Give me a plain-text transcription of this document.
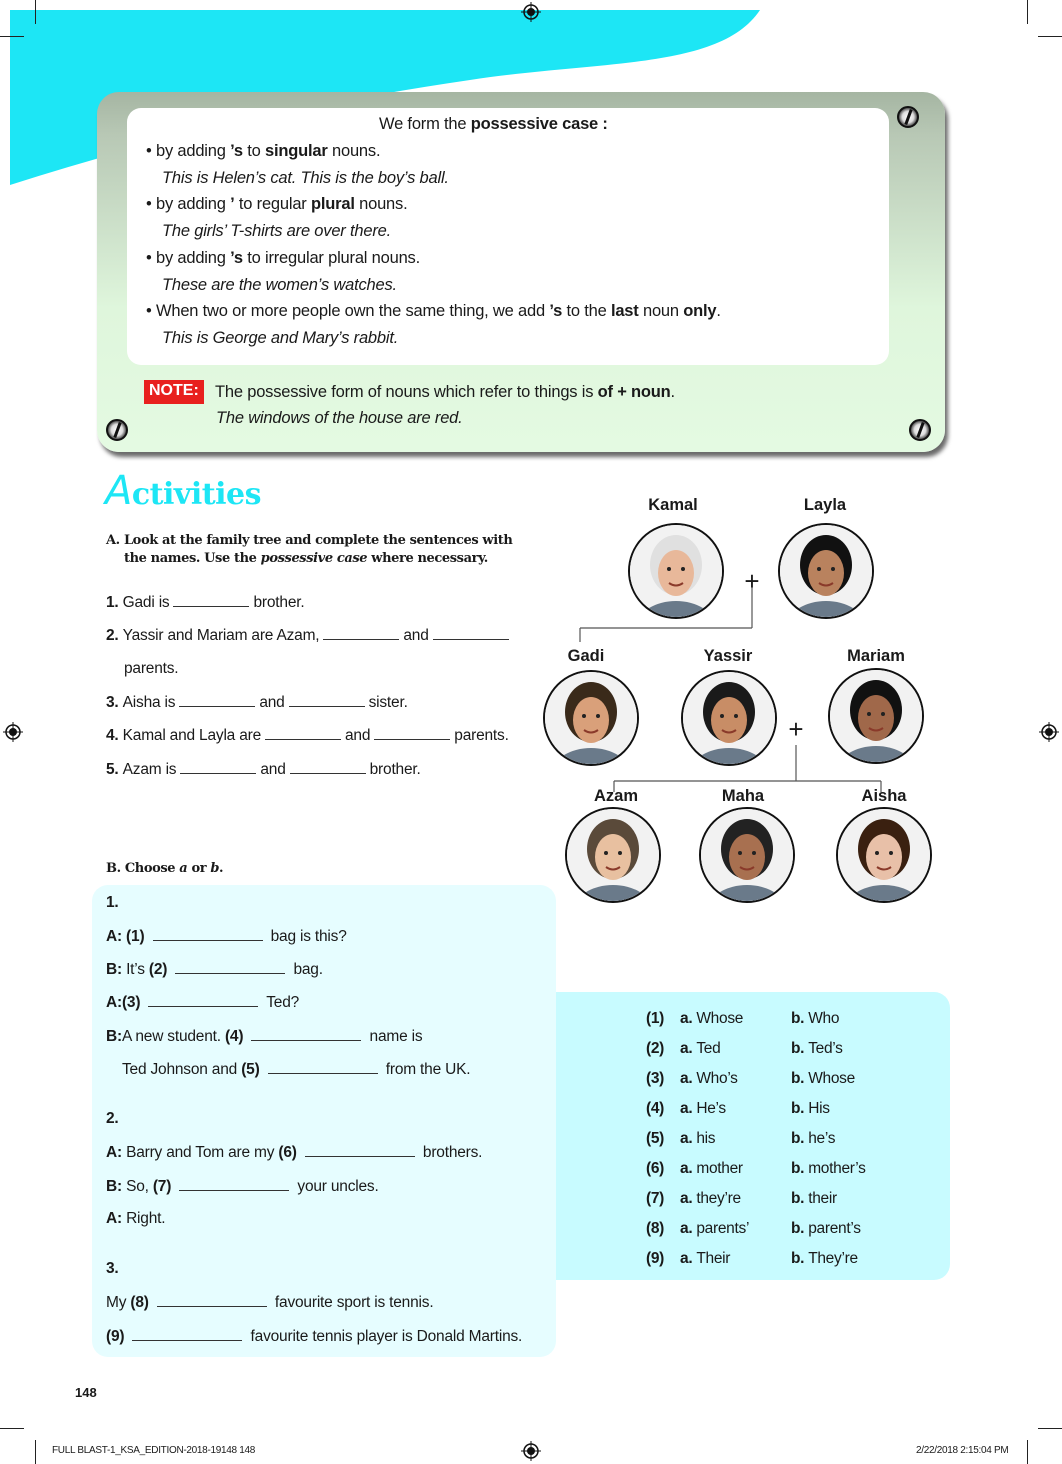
We form the possessive case :
• by adding ’s to singular nouns.
This is Helen’s cat. This is the boy’s ball.
• by adding ’ to regular plural nouns.
The girls’ T-shirts are over there.
• by adding ’s to irregular plural nouns.
These are the women’s watches.
• When two or more people own the same thing, we add ’s to the last noun only.
This is George and Mary’s rabbit.
NOTE: The possessive form of nouns which refer to things is of + noun.
The windows of the house are red.
Activities
A. Look at the family tree and complete the sentences with
the names. Use the possessive case where necessary.
1. Gadi is	brother.
2. Yassir and Mariam are Azam,	and
parents.
3. Aisha is	and	sister.
4. Kamal and Layla are	and	parents.
5. Azam is	and	brother.
+
+
Kamal	Layla
Gadi	Yassir	Mariam
Azam	Maha	Aisha
B. Choose a or b.
1.
A: (1)	bag is this?
B: It’s (2)	bag.
A:(3)	Ted?
B:A new student. (4)	name is
Ted Johnson and (5)	from the UK.
2.
A: Barry and Tom are my (6)	brothers.
B: So, (7)	your uncles.
A: Right.
3.
My (8)	favourite sport is tennis.
(9)	favourite tennis player is Donald Martins.
(1) a. Whose	b. Who
(2) a. Ted	b. Ted’s
(3) a. Who’s	b. Whose
(4) a. He’s	b. His
(5) a. his	b. he’s
(6) a. mother	b. mother’s
(7) a. they’re	b. their
(8) a. parents’	b. parent’s
(9) a. Their	b. They’re
148
FULL BLAST-1_KSA_EDITION-2018-19148 148	2/22/2018 2:15:04 PM
